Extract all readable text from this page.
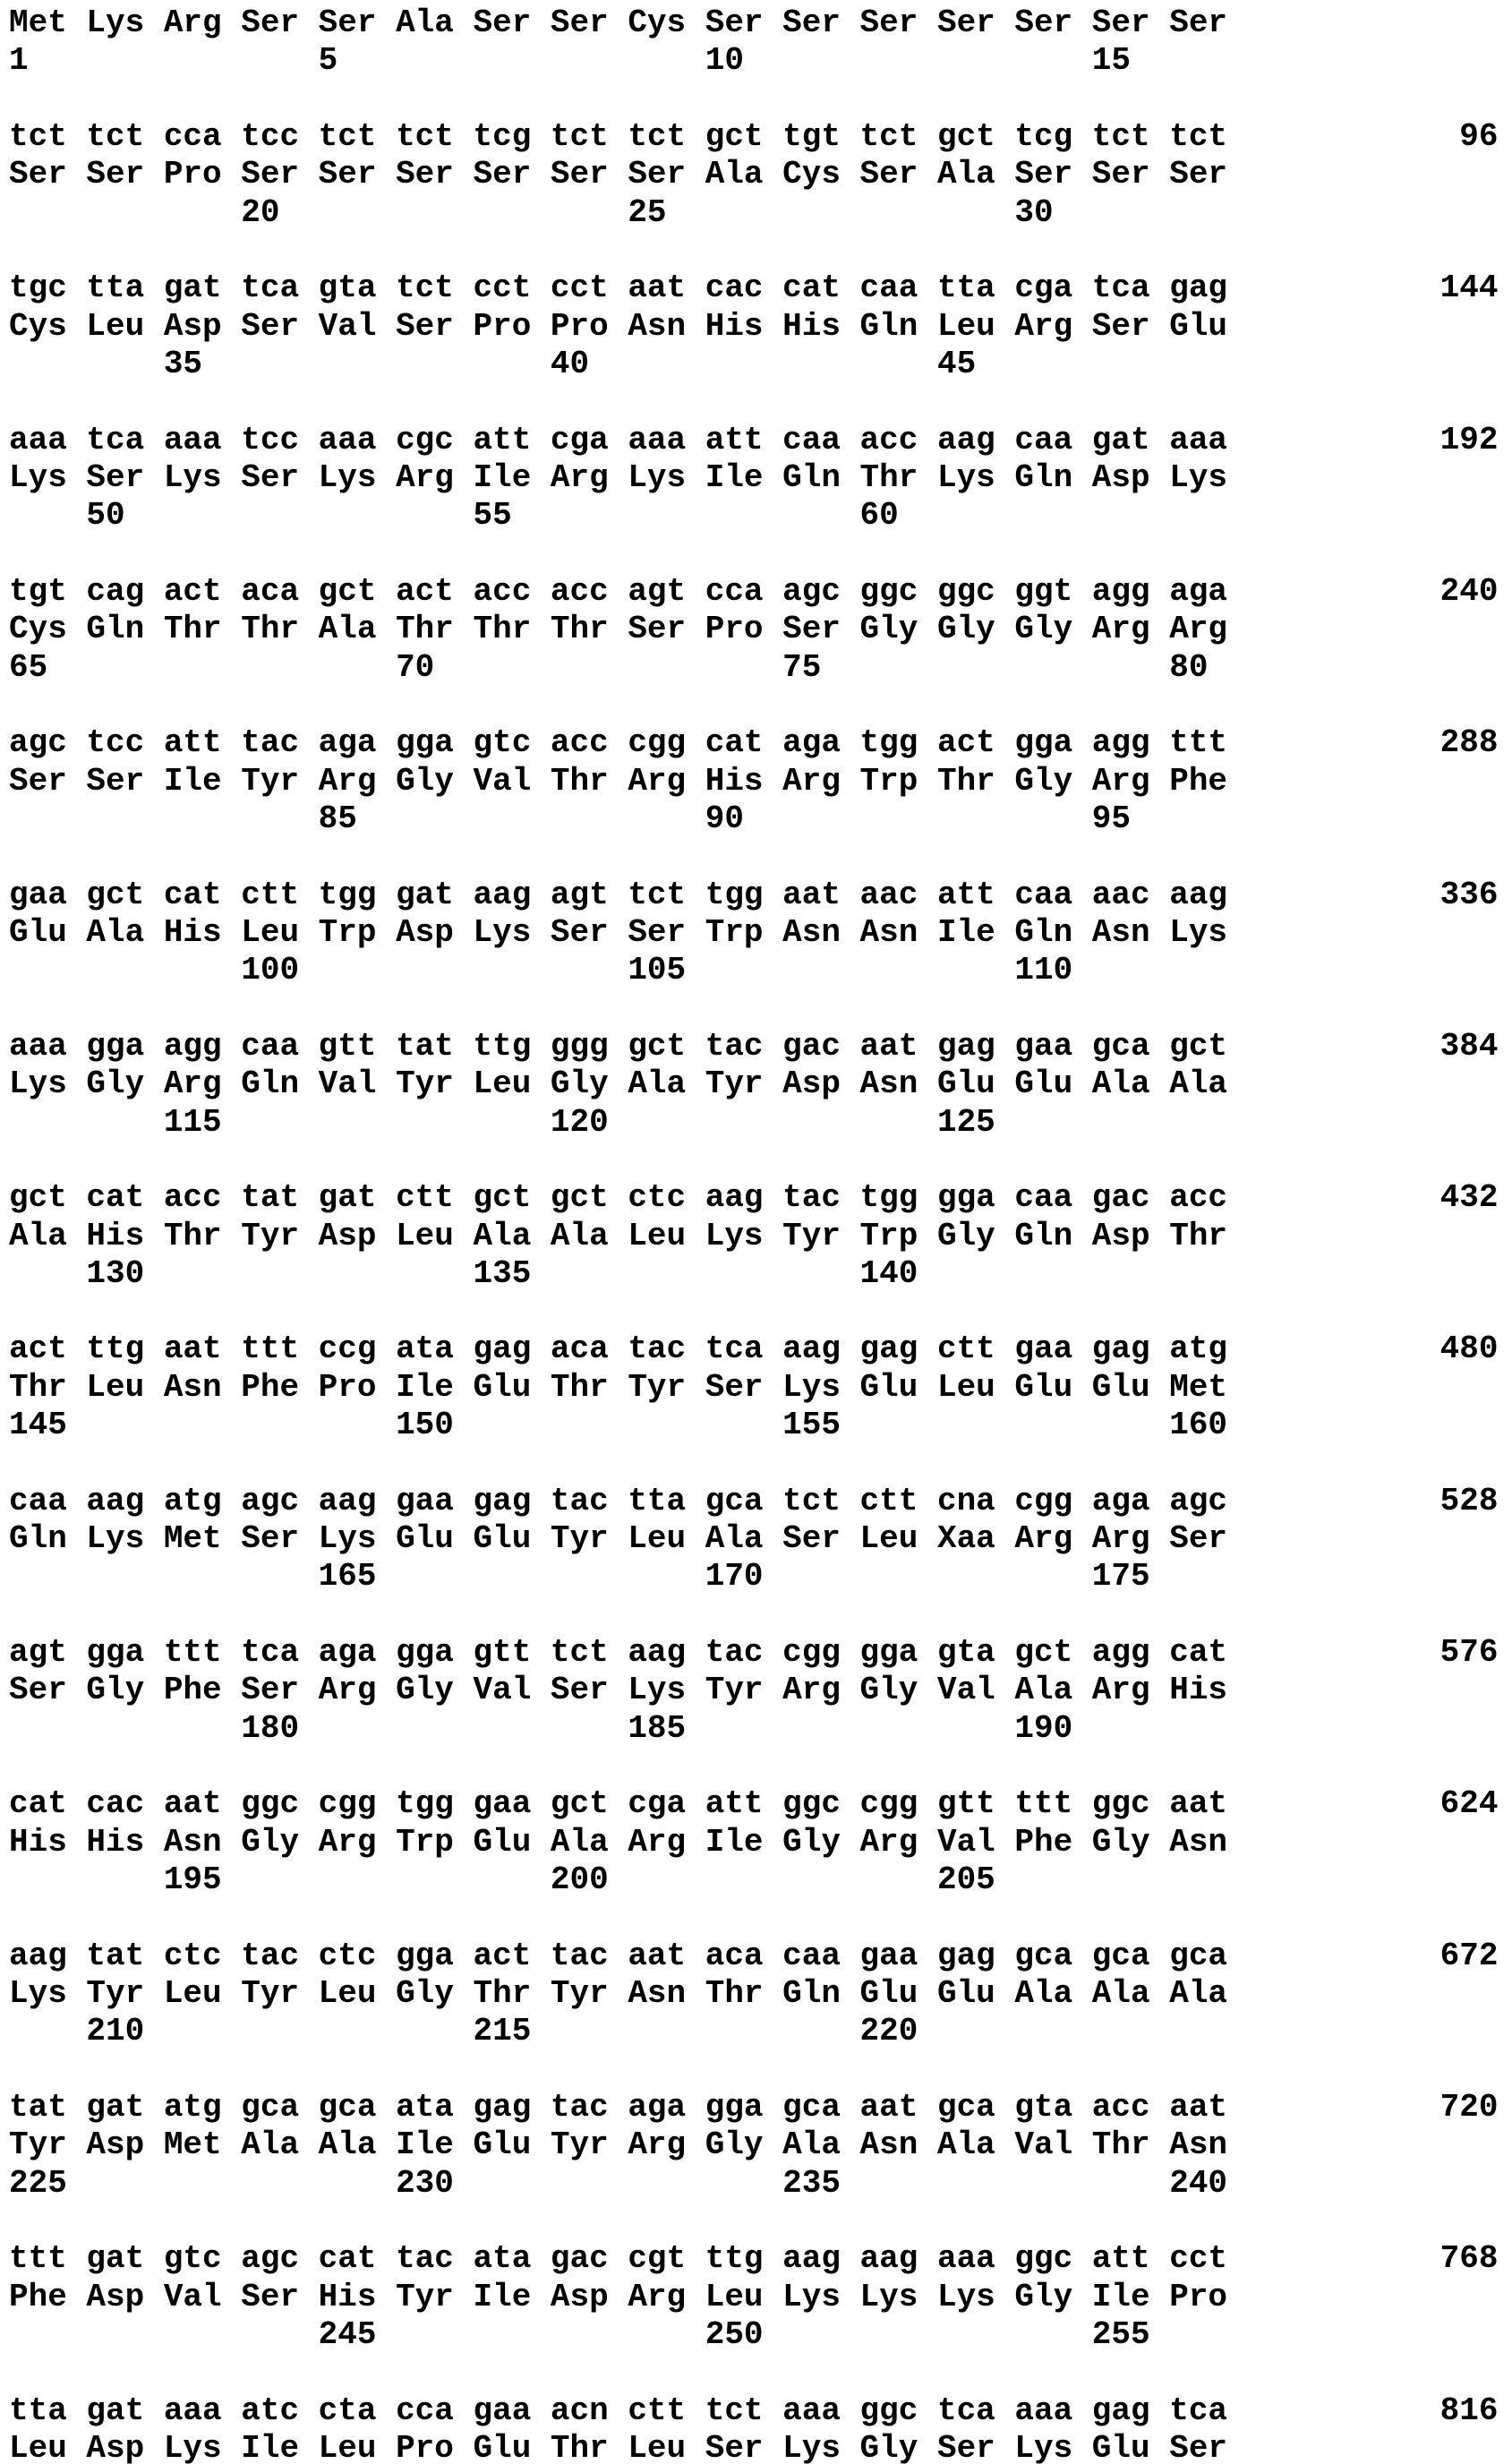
Met Lys Arg Ser Ser Ala Ser Ser Cys Ser Ser Ser Ser Ser Ser Ser
1               5                   10                  15
tct tct cca tcc tct tct tcg tct tct gct tgt tct gct tcg tct tct            96
Ser Ser Pro Ser Ser Ser Ser Ser Ser Ala Cys Ser Ala Ser Ser Ser
20                  25                  30
tgc tta gat tca gta tct cct cct aat cac cat caa tta cga tca gag           144
Cys Leu Asp Ser Val Ser Pro Pro Asn His His Gln Leu Arg Ser Glu
35                  40                  45
aaa tca aaa tcc aaa cgc att cga aaa att caa acc aag caa gat aaa           192
Lys Ser Lys Ser Lys Arg Ile Arg Lys Ile Gln Thr Lys Gln Asp Lys
50                  55                  60
tgt cag act aca gct act acc acc agt cca agc ggc ggc ggt agg aga           240
Cys Gln Thr Thr Ala Thr Thr Thr Ser Pro Ser Gly Gly Gly Arg Arg
65                  70                  75                  80
agc tcc att tac aga gga gtc acc cgg cat aga tgg act gga agg ttt           288
Ser Ser Ile Tyr Arg Gly Val Thr Arg His Arg Trp Thr Gly Arg Phe
85                  90                  95
gaa gct cat ctt tgg gat aag agt tct tgg aat aac att caa aac aag           336
Glu Ala His Leu Trp Asp Lys Ser Ser Trp Asn Asn Ile Gln Asn Lys
100                 105                 110
aaa gga agg caa gtt tat ttg ggg gct tac gac aat gag gaa gca gct           384
Lys Gly Arg Gln Val Tyr Leu Gly Ala Tyr Asp Asn Glu Glu Ala Ala
115                 120                 125
gct cat acc tat gat ctt gct gct ctc aag tac tgg gga caa gac acc           432
Ala His Thr Tyr Asp Leu Ala Ala Leu Lys Tyr Trp Gly Gln Asp Thr
130                 135                 140
act ttg aat ttt ccg ata gag aca tac tca aag gag ctt gaa gag atg           480
Thr Leu Asn Phe Pro Ile Glu Thr Tyr Ser Lys Glu Leu Glu Glu Met
145                 150                 155                 160
caa aag atg agc aag gaa gag tac tta gca tct ctt cna cgg aga agc           528
Gln Lys Met Ser Lys Glu Glu Tyr Leu Ala Ser Leu Xaa Arg Arg Ser
165                 170                 175
agt gga ttt tca aga gga gtt tct aag tac cgg gga gta gct agg cat           576
Ser Gly Phe Ser Arg Gly Val Ser Lys Tyr Arg Gly Val Ala Arg His
180                 185                 190
cat cac aat ggc cgg tgg gaa gct cga att ggc cgg gtt ttt ggc aat           624
His His Asn Gly Arg Trp Glu Ala Arg Ile Gly Arg Val Phe Gly Asn
195                 200                 205
aag tat ctc tac ctc gga act tac aat aca caa gaa gag gca gca gca           672
Lys Tyr Leu Tyr Leu Gly Thr Tyr Asn Thr Gln Glu Glu Ala Ala Ala
210                 215                 220
tat gat atg gca gca ata gag tac aga gga gca aat gca gta acc aat           720
Tyr Asp Met Ala Ala Ile Glu Tyr Arg Gly Ala Asn Ala Val Thr Asn
225                 230                 235                 240
ttt gat gtc agc cat tac ata gac cgt ttg aag aag aaa ggc att cct           768
Phe Asp Val Ser His Tyr Ile Asp Arg Leu Lys Lys Lys Gly Ile Pro
245                 250                 255
tta gat aaa atc cta cca gaa acn ctt tct aaa ggc tca aaa gag tca           816
Leu Asp Lys Ile Leu Pro Glu Thr Leu Ser Lys Gly Ser Lys Glu Ser
